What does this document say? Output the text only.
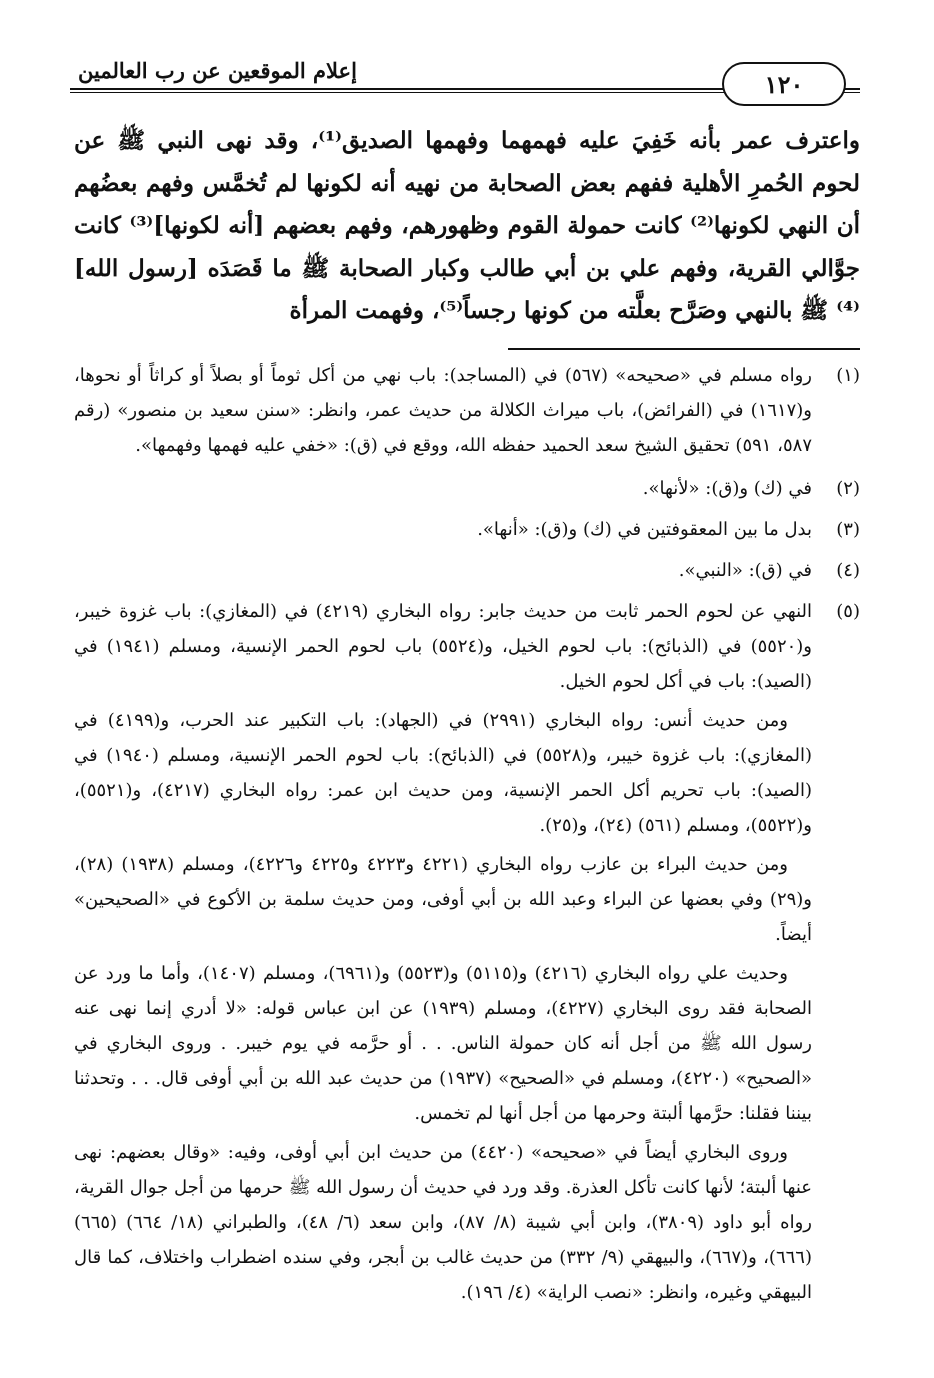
إعلام الموقعين عن رب العالمين	١٢٠

واعترف عمر بأنه خَفِيَ عليه فهمهما وفهمها الصديق⁽¹⁾، وقد نهى النبي ﷺ عن لحوم الحُمرِ الأهلية ففهم بعض الصحابة من نهيه أنه لكونها لم تُخمَّس وفهم بعضُهم أن النهي لكونها⁽²⁾ كانت حمولة القوم وظهورهم، وفهم بعضهم [أنه لكونها]⁽³⁾ كانت جوَّالي القرية، وفهم علي بن أبي طالب وكبار الصحابة ﷺ ما قَصَدَه [رسول الله]⁽⁴⁾ ﷺ بالنهي وصَرَّح بعلَّته من كونها رجساً⁽⁵⁾، وفهمت المرأة

(١)

رواه مسلم في «صحيحه» (٥٦٧) في (المساجد): باب نهي من أكل ثوماً أو بصلاً أو كراثاً أو نحوها، و(١٦١٧) في (الفرائض)، باب ميراث الكلالة من حديث عمر، وانظر: «سنن سعيد بن منصور» (رقم ٥٨٧، ٥٩١) تحقيق الشيخ سعد الحميد حفظه الله، ووقع في (ق): «خفي عليه فهمها وفهمها».

(٢)

في (ك) و(ق): «لأنها».

(٣)

بدل ما بين المعقوفتين في (ك) و(ق): «أنها».

(٤)

في (ق): «النبي».

(٥)

النهي عن لحوم الحمر ثابت من حديث جابر: رواه البخاري (٤٢١٩) في (المغازي): باب غزوة خيبر، و(٥٥٢٠) في (الذبائح): باب لحوم الخيل، و(٥٥٢٤) باب لحوم الحمر الإنسية، ومسلم (١٩٤١) في (الصيد): باب في أكل لحوم الخيل.

ومن حديث أنس: رواه البخاري (٢٩٩١) في (الجهاد): باب التكبير عند الحرب، و(٤١٩٩) في (المغازي): باب غزوة خيبر، و(٥٥٢٨) في (الذبائح): باب لحوم الحمر الإنسية، ومسلم (١٩٤٠) في (الصيد): باب تحريم أكل الحمر الإنسية، ومن حديث ابن عمر: رواه البخاري (٤٢١٧)، و(٥٥٢١)، و(٥٥٢٢)، ومسلم (٥٦١) (٢٤)، و(٢٥).

ومن حديث البراء بن عازب رواه البخاري (٤٢٢١ و٤٢٢٣ و٤٢٢٥ و٤٢٢٦)، ومسلم (١٩٣٨) (٢٨)، و(٢٩) وفي بعضها عن البراء وعبد الله بن أبي أوفى، ومن حديث سلمة بن الأكوع في «الصحيحين» أيضاً.

وحديث علي رواه البخاري (٤٢١٦) و(٥١١٥) و(٥٥٢٣) و(٦٩٦١)، ومسلم (١٤٠٧)، وأما ما ورد عن الصحابة فقد روى البخاري (٤٢٢٧)، ومسلم (١٩٣٩) عن ابن عباس قوله: «لا أدري إنما نهى عنه رسول الله ﷺ من أجل أنه كان حمولة الناس. . . أو حرَّمه في يوم خيبر. . وروى البخاري في «الصحيح» (٤٢٢٠)، ومسلم في «الصحيح» (١٩٣٧) من حديث عبد الله بن أبي أوفى قال. . . وتحدثنا بيننا فقلنا: حرَّمها ألبتة وحرمها من أجل أنها لم تخمس.

وروى البخاري أيضاً في «صحيحه» (٤٤٢٠) من حديث ابن أبي أوفى، وفيه: «وقال بعضهم: نهى عنها ألبتة؛ لأنها كانت تأكل العذرة. وقد ورد في حديث أن رسول الله ﷺ حرمها من أجل جوال القرية، رواه أبو داود (٣٨٠٩)، وابن أبي شيبة (٨/ ٨٧)، وابن سعد (٦/ ٤٨)، والطبراني (١٨/ ٦٦٤) (٦٦٥) (٦٦٦)، و(٦٦٧)، والبيهقي (٩/ ٣٣٢) من حديث غالب بن أبجر، وفي سنده اضطراب واختلاف، كما قال البيهقي وغيره، وانظر: «نصب الراية» (٤/ ١٩٦).
